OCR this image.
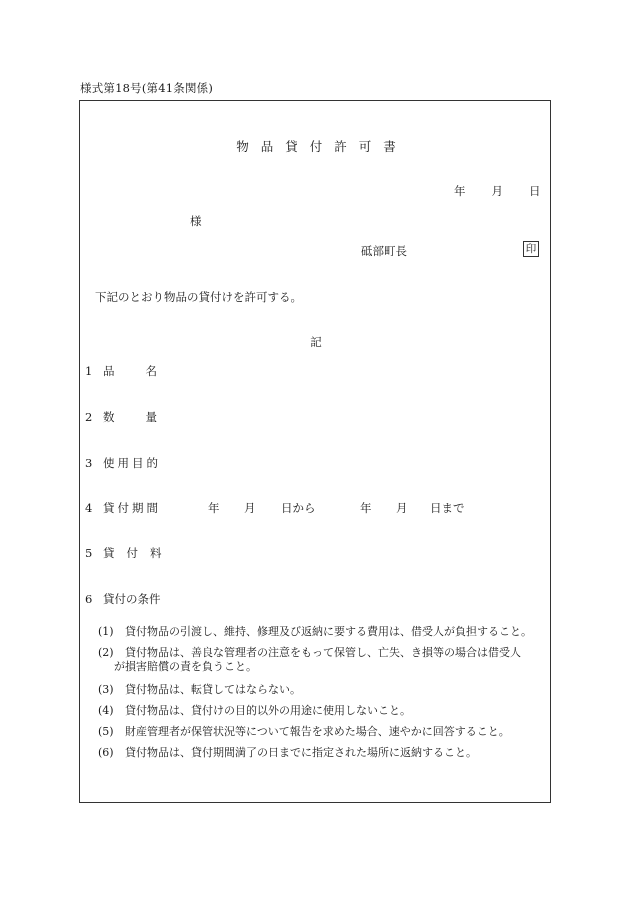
様式第18号(第41条関係)
物品貸付許可書
年 月 日
様
砥部町長	印
下記のとおり物品の貸付けを許可する。
記
1 品名
2 数量
3 使用目的
4 貸付期間	年 月 日から	年 月 日まで
5 貸付料
6 貸付の条件
(1) 貸付物品の引渡し、維持、修理及び返納に要する費用は、借受人が負担すること。
(2) 貸付物品は、善良な管理者の注意をもって保管し、亡失、き損等の場合は借受人
が損害賠償の責を負うこと。
(3) 貸付物品は、転貸してはならない。
(4) 貸付物品は、貸付けの目的以外の用途に使用しないこと。
(5) 財産管理者が保管状況等について報告を求めた場合、速やかに回答すること。
(6) 貸付物品は、貸付期間満了の日までに指定された場所に返納すること。
